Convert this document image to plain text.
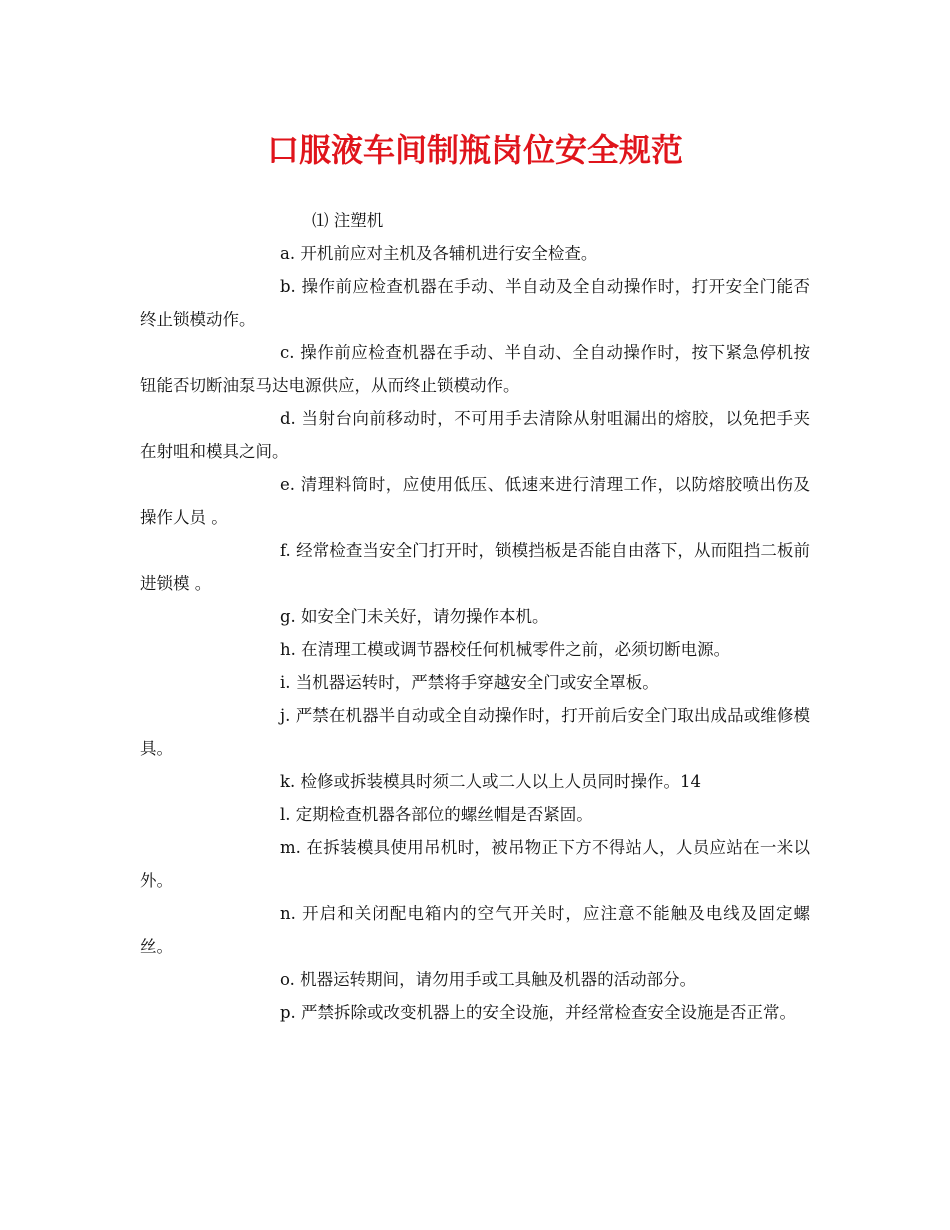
口服液车间制瓶岗位安全规范

⑴ 注塑机

a. 开机前应对主机及各辅机进行安全检查。

b. 操作前应检查机器在手动、半自动及全自动操作时，打开安全门能否终止锁模动作。

c. 操作前应检查机器在手动、半自动、全自动操作时，按下紧急停机按钮能否切断油泵马达电源供应，从而终止锁模动作。

d. 当射台向前移动时，不可用手去清除从射咀漏出的熔胶，以免把手夹在射咀和模具之间。

e. 清理料筒时，应使用低压、低速来进行清理工作，以防熔胶喷出伤及操作人员 。

f. 经常检查当安全门打开时，锁模挡板是否能自由落下，从而阻挡二板前进锁模 。

g. 如安全门未关好，请勿操作本机。

h. 在清理工模或调节器校任何机械零件之前，必须切断电源。

i. 当机器运转时，严禁将手穿越安全门或安全罩板。

j. 严禁在机器半自动或全自动操作时，打开前后安全门取出成品或维修模具。

k. 检修或拆装模具时须二人或二人以上人员同时操作。14

l. 定期检查机器各部位的螺丝帽是否紧固。

m. 在拆装模具使用吊机时，被吊物正下方不得站人，人员应站在一米以外。

n. 开启和关闭配电箱内的空气开关时，应注意不能触及电线及固定螺丝。

o. 机器运转期间，请勿用手或工具触及机器的活动部分。

p. 严禁拆除或改变机器上的安全设施，并经常检查安全设施是否正常。
